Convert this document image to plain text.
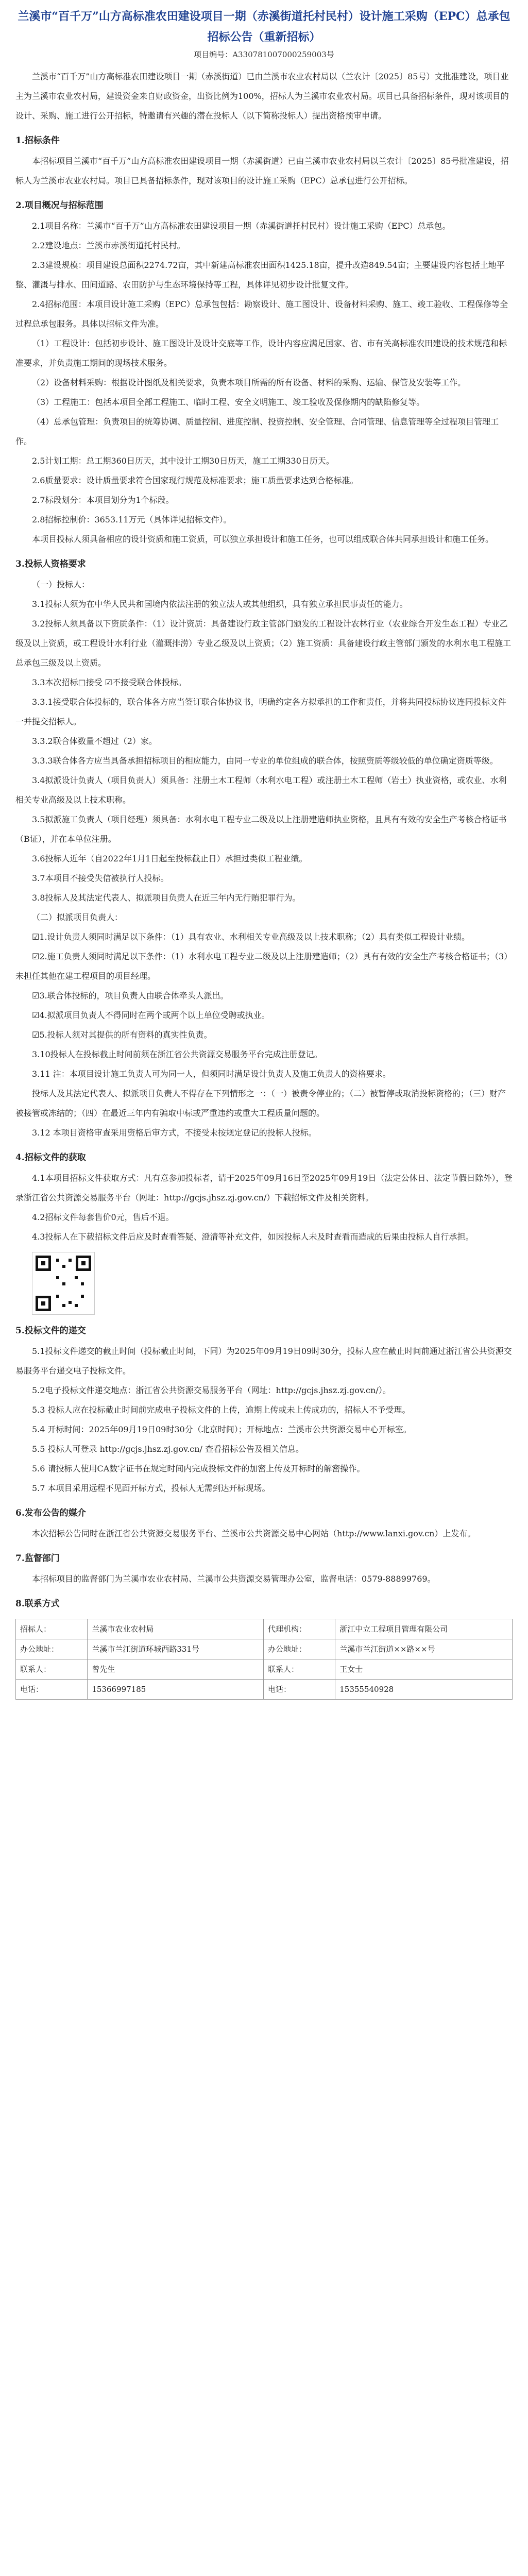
兰溪市“百千万”山方高标准农田建设项目一期（赤溪街道托村民村）设计施工采购（EPC）总承包招标公告（重新招标）
项目编号：A330781007000259003号

兰溪市“百千万”山方高标准农田建设项目一期（赤溪街道）已由兰溪市农业农村局以（兰农计〔2025〕85号）文批准建设，项目业主为兰溪市农业农村局，建设资金来自财政资金，出资比例为100%，招标人为兰溪市农业农村局。项目已具备招标条件，现对该项目的设计、采购、施工进行公开招标，特邀请有兴趣的潜在投标人（以下简称投标人）提出资格预审申请。

1.招标条件

本招标项目兰溪市“百千万”山方高标准农田建设项目一期（赤溪街道）已由兰溪市农业农村局以兰农计〔2025〕85号批准建设，招标人为兰溪市农业农村局。项目已具备招标条件，现对该项目的设计施工采购（EPC）总承包进行公开招标。

2.项目概况与招标范围

2.1项目名称：兰溪市“百千万”山方高标准农田建设项目一期（赤溪街道托村民村）设计施工采购（EPC）总承包。

2.2建设地点：兰溪市赤溪街道托村民村。

2.3建设规模：项目建设总面积2274.72亩，其中新建高标准农田面积1425.18亩，提升改造849.54亩；主要建设内容包括土地平整、灌溉与排水、田间道路、农田防护与生态环境保持等工程，具体详见初步设计批复文件。

2.4招标范围：本项目设计施工采购（EPC）总承包包括：勘察设计、施工图设计、设备材料采购、施工、竣工验收、工程保修等全过程总承包服务。具体以招标文件为准。

（1）工程设计：包括初步设计、施工图设计及设计交底等工作，设计内容应满足国家、省、市有关高标准农田建设的技术规范和标准要求，并负责施工期间的现场技术服务。

（2）设备材料采购：根据设计图纸及相关要求，负责本项目所需的所有设备、材料的采购、运输、保管及安装等工作。

（3）工程施工：包括本项目全部工程施工、临时工程、安全文明施工、竣工验收及保修期内的缺陷修复等。

（4）总承包管理：负责项目的统筹协调、质量控制、进度控制、投资控制、安全管理、合同管理、信息管理等全过程项目管理工作。

2.5计划工期：总工期360日历天，其中设计工期30日历天，施工工期330日历天。

2.6质量要求：设计质量要求符合国家现行规范及标准要求；施工质量要求达到合格标准。

2.7标段划分：本项目划分为1个标段。

2.8招标控制价：3653.11万元（具体详见招标文件）。

本项目投标人须具备相应的设计资质和施工资质，可以独立承担设计和施工任务，也可以组成联合体共同承担设计和施工任务。

3.投标人资格要求

（一）投标人：

3.1投标人须为在中华人民共和国境内依法注册的独立法人或其他组织，具有独立承担民事责任的能力。

3.2投标人须具备以下资质条件：（1）设计资质：具备建设行政主管部门颁发的工程设计农林行业（农业综合开发生态工程）专业乙级及以上资质，或工程设计水利行业（灌溉排涝）专业乙级及以上资质；（2）施工资质：具备建设行政主管部门颁发的水利水电工程施工总承包三级及以上资质。

3.3本次招标□接受 ☑不接受联合体投标。

3.3.1接受联合体投标的，联合体各方应当签订联合体协议书，明确约定各方拟承担的工作和责任，并将共同投标协议连同投标文件一并提交招标人。

3.3.2联合体数量不超过（2）家。

3.3.3联合体各方应当具备承担招标项目的相应能力，由同一专业的单位组成的联合体，按照资质等级较低的单位确定资质等级。

3.4拟派设计负责人（项目负责人）须具备：注册土木工程师（水利水电工程）或注册土木工程师（岩土）执业资格，或农业、水利相关专业高级及以上技术职称。

3.5拟派施工负责人（项目经理）须具备：水利水电工程专业二级及以上注册建造师执业资格，且具有有效的安全生产考核合格证书（B证），并在本单位注册。

3.6投标人近年（自2022年1月1日起至投标截止日）承担过类似工程业绩。

3.7本项目不接受失信被执行人投标。

3.8投标人及其法定代表人、拟派项目负责人在近三年内无行贿犯罪行为。

（二）拟派项目负责人：

☑1.设计负责人须同时满足以下条件：（1）具有农业、水利相关专业高级及以上技术职称；（2）具有类似工程设计业绩。

☑2.施工负责人须同时满足以下条件：（1）水利水电工程专业二级及以上注册建造师；（2）具有有效的安全生产考核合格证书；（3）未担任其他在建工程项目的项目经理。

☑3.联合体投标的，项目负责人由联合体牵头人派出。

☑4.拟派项目负责人不得同时在两个或两个以上单位受聘或执业。

☑5.投标人须对其提供的所有资料的真实性负责。

3.10投标人在投标截止时间前须在浙江省公共资源交易服务平台完成注册登记。

3.11 注：本项目设计施工负责人可为同一人，但须同时满足设计负责人及施工负责人的资格要求。

投标人及其法定代表人、拟派项目负责人不得存在下列情形之一：（一）被责令停业的；（二）被暂停或取消投标资格的；（三）财产被接管或冻结的；（四）在最近三年内有骗取中标或严重违约或重大工程质量问题的。

3.12 本项目资格审查采用资格后审方式，不接受未按规定登记的投标人投标。

4.招标文件的获取

4.1本项目招标文件获取方式：凡有意参加投标者，请于2025年09月16日至2025年09月19日（法定公休日、法定节假日除外），登录浙江省公共资源交易服务平台（网址：http://gcjs.jhsz.zj.gov.cn/）下载招标文件及相关资料。

4.2招标文件每套售价0元，售后不退。

4.3投标人在下载招标文件后应及时查看答疑、澄清等补充文件，如因投标人未及时查看而造成的后果由投标人自行承担。

5.投标文件的递交

5.1投标文件递交的截止时间（投标截止时间，下同）为2025年09月19日09时30分，投标人应在截止时间前通过浙江省公共资源交易服务平台递交电子投标文件。

5.2电子投标文件递交地点：浙江省公共资源交易服务平台（网址：http://gcjs.jhsz.zj.gov.cn/）。

5.3 投标人应在投标截止时间前完成电子投标文件的上传，逾期上传或未上传成功的，招标人不予受理。

5.4 开标时间：2025年09月19日09时30分（北京时间）；开标地点：兰溪市公共资源交易中心开标室。

5.5 投标人可登录 http://gcjs.jhsz.zj.gov.cn/ 查看招标公告及相关信息。

5.6 请投标人使用CA数字证书在规定时间内完成投标文件的加密上传及开标时的解密操作。

5.7 本项目采用远程不见面开标方式，投标人无需到达开标现场。

6.发布公告的媒介

本次招标公告同时在浙江省公共资源交易服务平台、兰溪市公共资源交易中心网站（http://www.lanxi.gov.cn）上发布。

7.监督部门

本招标项目的监督部门为兰溪市农业农村局、兰溪市公共资源交易管理办公室，监督电话：0579-88899769。

8.联系方式

招标人：	兰溪市农业农村局	代理机构：	浙江中立工程项目管理有限公司
办公地址：	兰溪市兰江街道环城西路331号	办公地址：	兰溪市兰江街道××路××号
联系人：	曾先生	联系人：	王女士
电话：	15366997185	电话：	15355540928
